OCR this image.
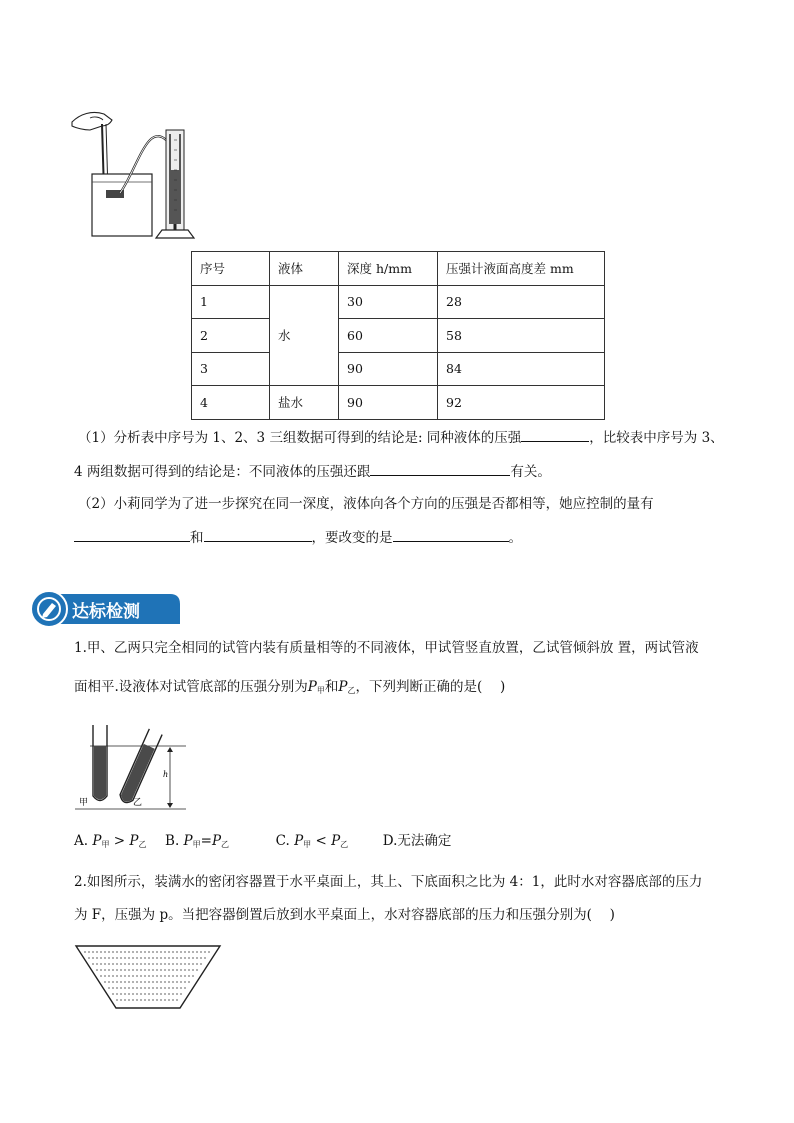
序号	液体	深度 h/mm	压强计液面高度差 mm
1	水	30	28
2		60	58
3		90	84
4	盐水	90	92
（1）分析表中序号为 1、2、3 三组数据可得到的结论是: 同种液体的压强	，比较表中序号为 3、
4 两组数据可得到的结论是：不同液体的压强还跟	有关。
（2）小莉同学为了进一步探究在同一深度，液体向各个方向的压强是否都相等，她应控制的量有
和	，要改变的是	。
达标检测
1.甲、乙两只完全相同的试管内装有质量相等的不同液体，甲试管竖直放置，乙试管倾斜放 置，两试管液
面相平.设液体对试管底部的压强分别为$P_甲$和$P_乙$，下列判断正确的是(　 )
h
甲	乙
A. $P_甲 > P_乙$ B. $P_甲=P_乙$	C. $P_甲 < P_乙$	D.无法确定
2.如图所示，装满水的密闭容器置于水平桌面上，其上、下底面积之比为 4：1，此时水对容器底部的压力
为 F，压强为 p。当把容器倒置后放到水平桌面上，水对容器底部的压力和压强分别为(　 )
